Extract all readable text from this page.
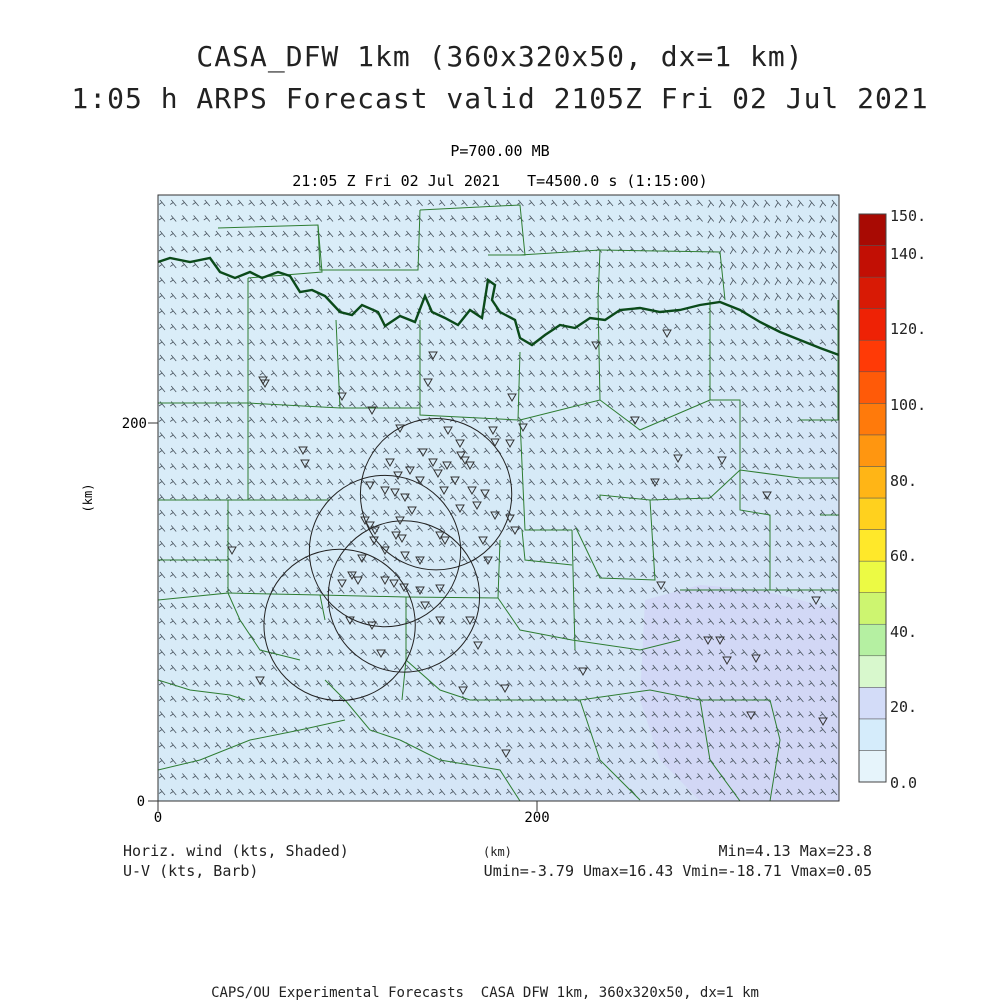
CASA_DFW 1km (360x320x50, dx=1 km)
1:05 h ARPS Forecast valid 2105Z Fri 02 Jul 2021
P=700.00 MB
21:05 Z Fri 02 Jul 2021 T=4500.0 s (1:15:00)
0	200
0
200
(km)
0.0
20.
40.
60.
80.
100.
120.
140.
150.
Horiz. wind (kts, Shaded)
U-V (kts, Barb)
(km)	Min=4.13 Max=23.8
Umin=-3.79 Umax=16.43 Vmin=-18.71 Vmax=0.05
CAPS/OU Experimental Forecasts  CASA DFW 1km, 360x320x50, dx=1 km
